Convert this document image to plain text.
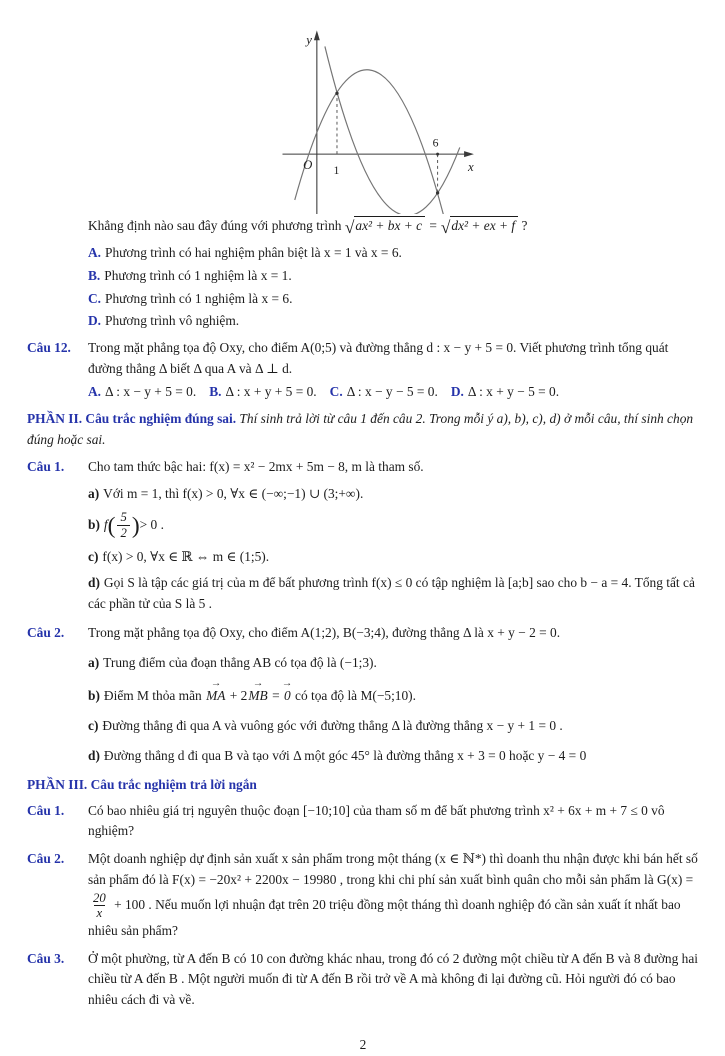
y
x
O 1
6
Khẳng định nào sau đây đúng với phương trình √ax² + bx + c = √dx² + ex + f ?
A. Phương trình có hai nghiệm phân biệt là x = 1 và x = 6.
B. Phương trình có 1 nghiệm là x = 1.
C. Phương trình có 1 nghiệm là x = 6.
D. Phương trình vô nghiệm.
Câu 12.	Trong mặt phẳng tọa độ Oxy, cho điểm A(0;5) và đường thẳng d : x − y + 5 = 0. Viết phương trình tổng quát đường thẳng Δ biết Δ qua A và Δ ⊥ d.
A. Δ : x − y + 5 = 0. B. Δ : x + y + 5 = 0. C. Δ : x − y − 5 = 0. D. Δ : x + y − 5 = 0.
PHẦN II. Câu trắc nghiệm đúng sai. Thí sinh trả lời từ câu 1 đến câu 2. Trong mỗi ý a), b), c), d) ở mỗi câu, thí sinh chọn đúng hoặc sai.
Câu 1.	Cho tam thức bậc hai: f(x) = x² − 2mx + 5m − 8, m là tham số.
a) Với m = 1, thì f(x) > 0, ∀x ∈ (−∞;−1) ∪ (3;+∞).
b) f ( $\frac{5}{2}$ ) > 0 .
c) f(x) > 0, ∀x ∈ ℝ ⇔ m ∈ (1;5).
d) Gọi S là tập các giá trị của m để bất phương trình f(x) ≤ 0 có tập nghiệm là [a;b] sao cho b − a = 4. Tổng tất cả các phần tử của S là 5 .
Câu 2.	Trong mặt phẳng tọa độ Oxy, cho điểm A(1;2), B(−3;4), đường thẳng Δ là x + y − 2 = 0.
a) Trung điểm của đoạn thẳng AB có tọa độ là (−1;3).
b) Điểm M thỏa mãn → MA + 2→ MB = → 0 có tọa độ là M(−5;10).
c) Đường thẳng đi qua A và vuông góc với đường thẳng Δ là đường thẳng x − y + 1 = 0 .
d) Đường thẳng d đi qua B và tạo với Δ một góc 45° là đường thẳng x + 3 = 0 hoặc y − 4 = 0
PHẦN III. Câu trắc nghiệm trả lời ngắn
Câu 1.	Có bao nhiêu giá trị nguyên thuộc đoạn [−10;10] của tham số m để bất phương trình x² + 6x + m + 7 ≤ 0 vô nghiệm?
Câu 2.	Một doanh nghiệp dự định sản xuất x sản phẩm trong một tháng (x ∈ ℕ*) thì doanh thu nhận được khi bán hết số sản phẩm đó là F(x) = −20x² + 2200x − 19980 , trong khi chi phí sản xuất bình quân cho mỗi sản phẩm là G(x) =
$\frac{20}{x} + 100$ . Nếu muốn lợi nhuận đạt trên 20 triệu đồng một tháng thì doanh nghiệp đó cần sản xuất ít nhất bao nhiêu sản phẩm?
Câu 3.	Ở một phường, từ A đến B có 10 con đường khác nhau, trong đó có 2 đường một chiều từ A đến B và 8 đường hai chiều từ A đến B . Một người muốn đi từ A đến B rồi trở về A mà không đi lại đường cũ. Hỏi người đó có bao nhiêu cách đi và về.
2
